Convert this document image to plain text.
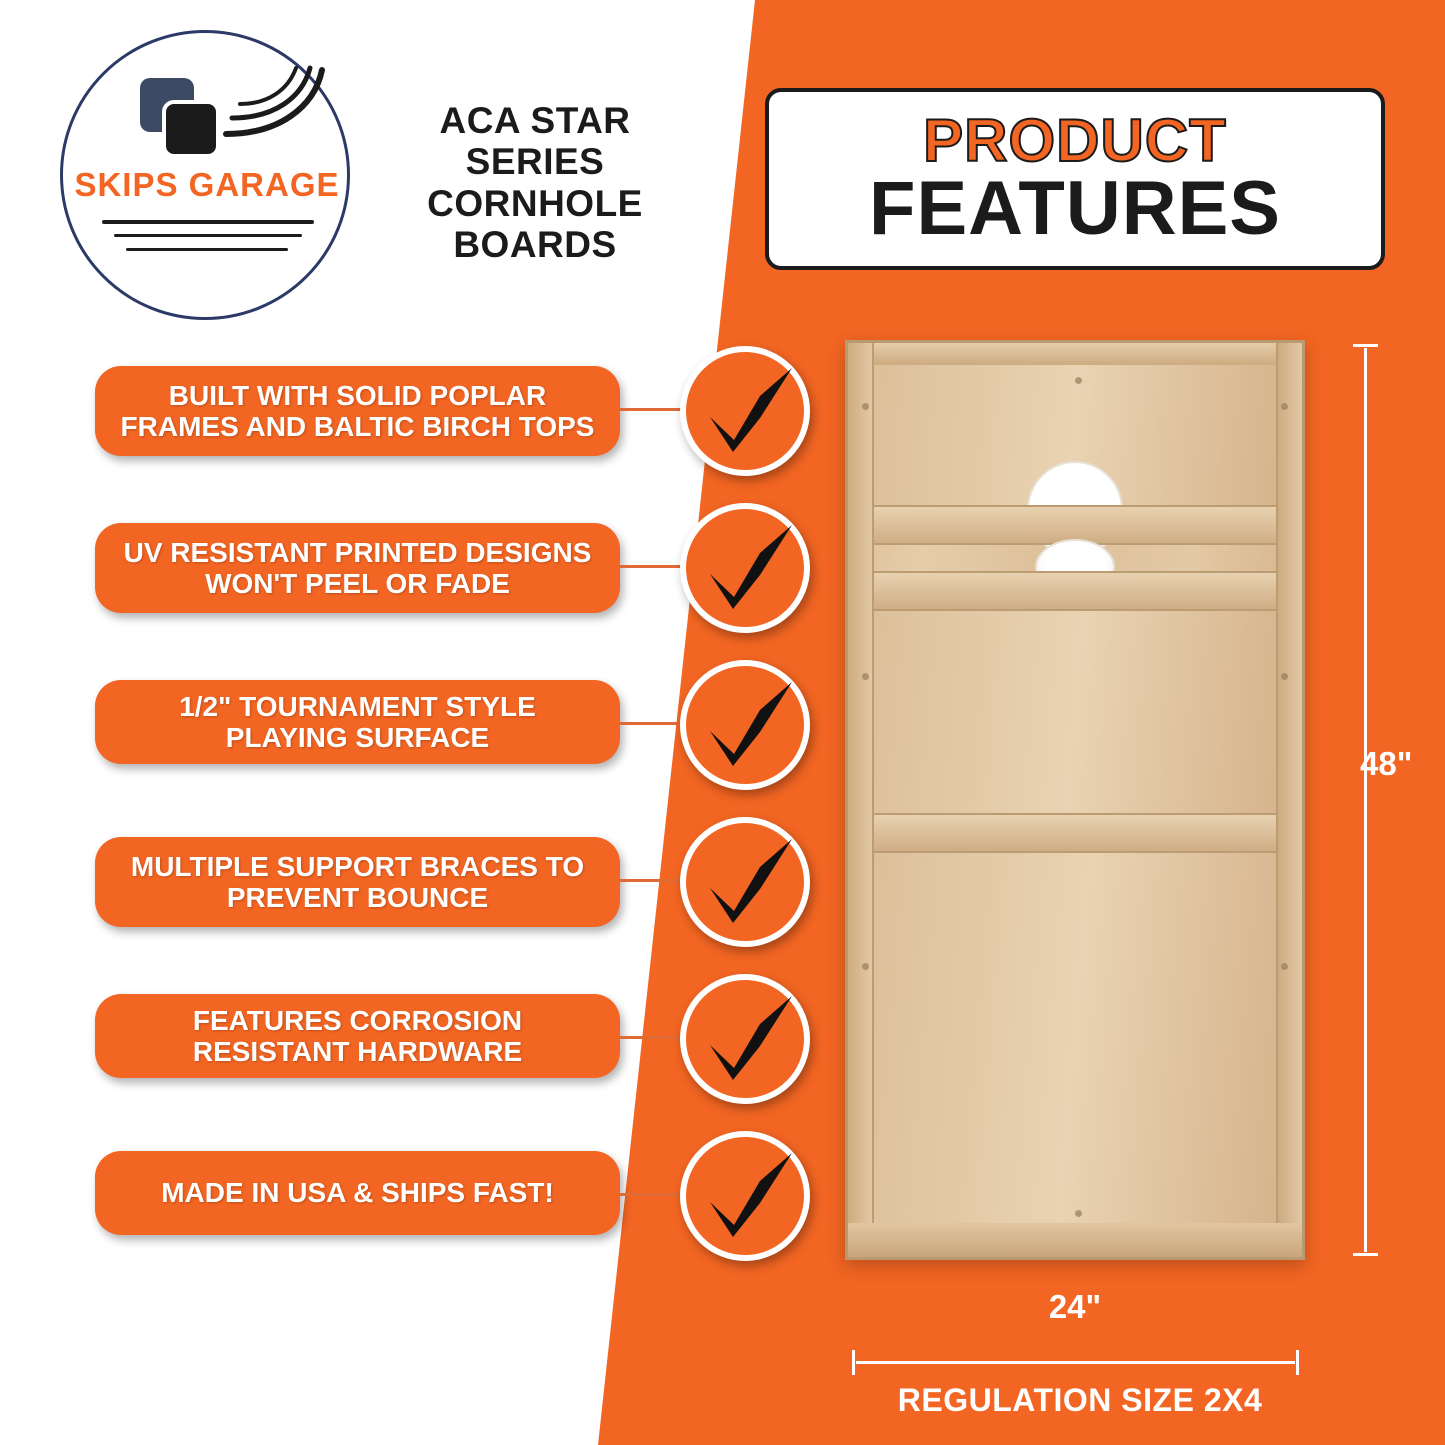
SKIPS GARAGE
ACA STAR SERIES CORNHOLE BOARDS
BUILT WITH SOLID POPLAR FRAMES AND BALTIC BIRCH TOPS
UV RESISTANT PRINTED DESIGNS WON'T PEEL OR FADE
1/2" TOURNAMENT STYLE PLAYING SURFACE
MULTIPLE SUPPORT BRACES TO PREVENT BOUNCE
FEATURES CORROSION RESISTANT HARDWARE
MADE IN USA & SHIPS FAST!
PRODUCT
FEATURES
48"
24"
REGULATION SIZE 2X4
